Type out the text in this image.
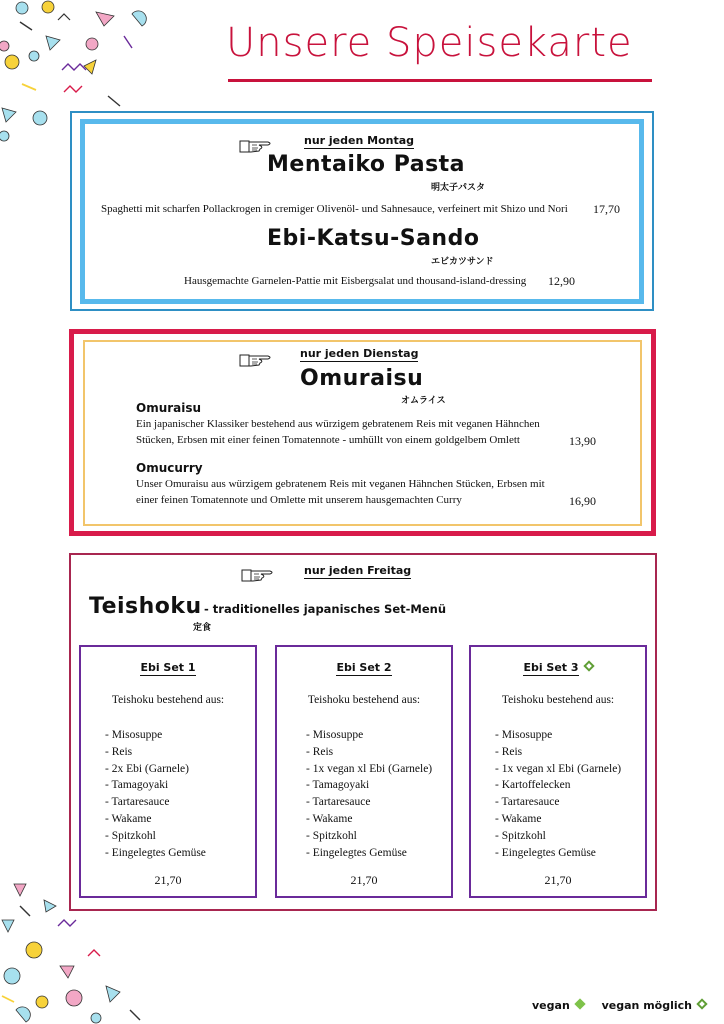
Unsere Speisekarte
nur jeden Montag
Mentaiko Pasta
明太子パスタ
Spaghetti mit scharfen Pollackrogen in cremiger Olivenöl- und Sahnesauce, verfeinert mit Shizo und Nori 17,70
Ebi-Katsu-Sando
エビカツサンド
Hausgemachte Garnelen-Pattie mit Eisbergsalat und thousand-island-dressing 12,90
nur jeden Dienstag
Omuraisu
オムライス
Omuraisu
Ein japanischer Klassiker bestehend aus würzigem gebratenem Reis mit veganen Hähnchen
Stücken, Erbsen mit einer feinen Tomatennote - umhüllt von einem goldgelbem Omlett	13,90
Omucurry
Unser Omuraisu aus würzigem gebratenem Reis mit veganen Hähnchen Stücken, Erbsen mit
einer feinen Tomatennote und Omlette mit unserem hausgemachten Curry	16,90
nur jeden Freitag
Teishoku - traditionelles japanisches Set-Menü
定食
Ebi Set 1
Teishoku bestehend aus:
- Misosuppe
- Reis
- 2x Ebi (Garnele)
- Tamagoyaki
- Tartaresauce
- Wakame
- Spitzkohl
- Eingelegtes Gemüse
21,70
Ebi Set 2
Teishoku bestehend aus:
- Misosuppe
- Reis
- 1x vegan xl Ebi (Garnele)
- Tamagoyaki
- Tartaresauce
- Wakame
- Spitzkohl
- Eingelegtes Gemüse
21,70
Ebi Set 3
Teishoku bestehend aus:
- Misosuppe
- Reis
- 1x vegan xl Ebi (Garnele)
- Kartoffelecken
- Tartaresauce
- Wakame
- Spitzkohl
- Eingelegtes Gemüse
21,70
vegan	vegan möglich
